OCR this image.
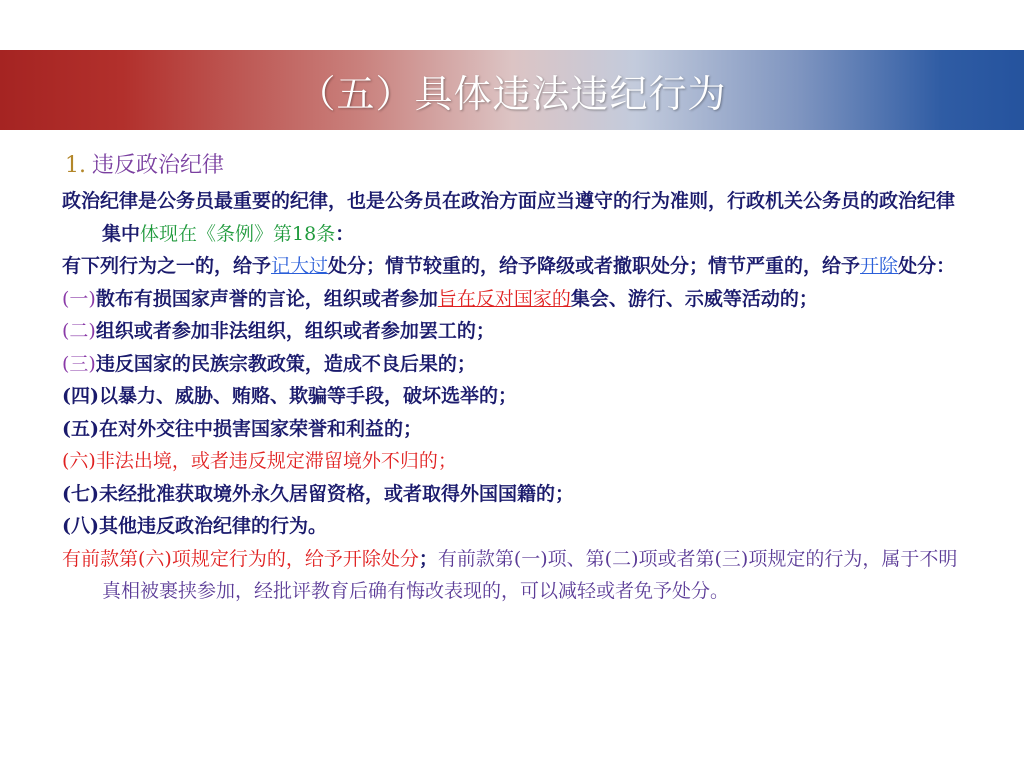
（五）具体违法违纪行为
1. 违反政治纪律

政治纪律是公务员最重要的纪律，也是公务员在政治方面应当遵守的行为准则，行政机关公务员的政治纪律集中体现在《条例》第18条：

有下列行为之一的，给予记大过处分；情节较重的，给予降级或者撤职处分；情节严重的，给予开除处分：

(一)散布有损国家声誉的言论，组织或者参加旨在反对国家的集会、游行、示威等活动的；

(二)组织或者参加非法组织，组织或者参加罢工的；

(三)违反国家的民族宗教政策，造成不良后果的；

(四)以暴力、威胁、贿赂、欺骗等手段，破坏选举的；

(五)在对外交往中损害国家荣誉和利益的；

(六)非法出境，或者违反规定滞留境外不归的；

(七)未经批准获取境外永久居留资格，或者取得外国国籍的；

(八)其他违反政治纪律的行为。

有前款第(六)项规定行为的，给予开除处分；有前款第(一)项、第(二)项或者第(三)项规定的行为，属于不明真相被裹挟参加，经批评教育后确有悔改表现的，可以减轻或者免予处分。
